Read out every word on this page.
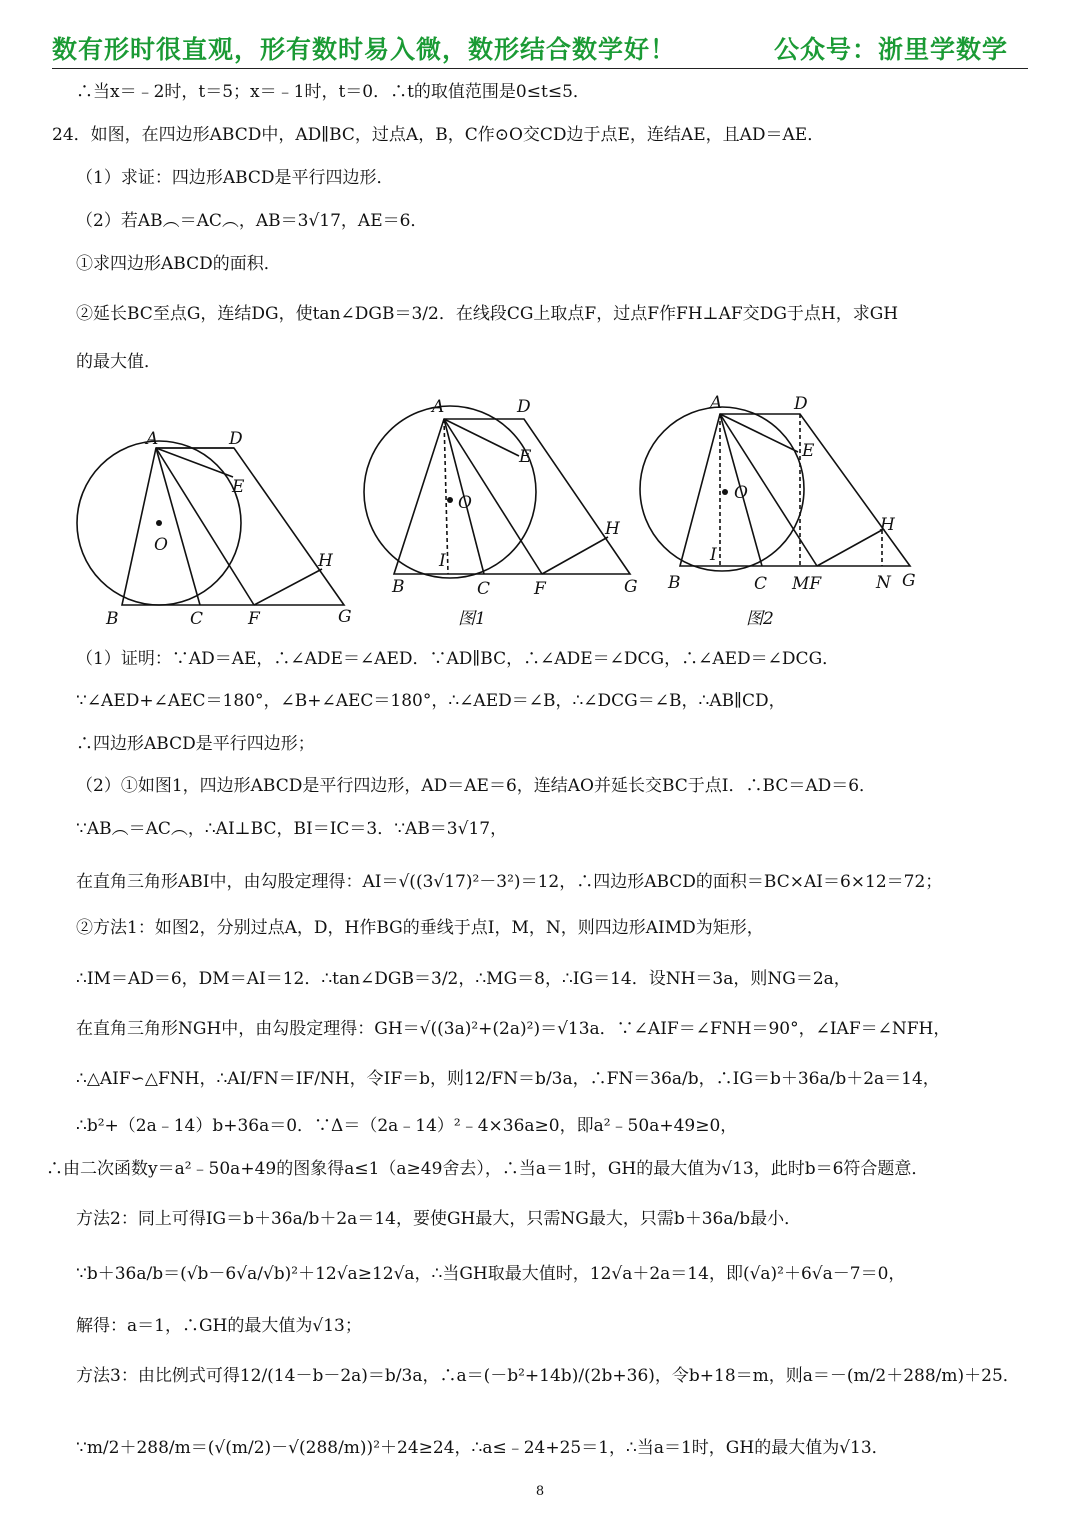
数有形时很直观，形有数时易入微，数形结合数学好！	公众号：浙里学数学
∴当x＝﹣2时，t＝5；x＝﹣1时，t＝0．∴t的取值范围是0≤t≤5．
24．如图，在四边形ABCD中，AD∥BC，过点A，B，C作⊙O交CD边于点E，连结AE，且AD＝AE．
（1）求证：四边形ABCD是平行四边形．
（2）若AB︵＝AC︵，AB＝3√17，AE＝6．
①求四边形ABCD的面积．
②延长BC至点G，连结DG，使tan∠DGB＝3/2．在线段CG上取点F，过点F作FH⊥AF交DG于点H，求GH
的最大值．
A	D
E
O
H
B	C	F	G
A	D
E
O
H
I
B	C	F	G
图1
A	D
E
O
H
I
B	C MF	N G
图2
（1）证明：∵AD＝AE，∴∠ADE＝∠AED．∵AD∥BC，∴∠ADE＝∠DCG，∴∠AED＝∠DCG．
∵∠AED+∠AEC＝180°，∠B+∠AEC＝180°，∴∠AED＝∠B，∴∠DCG＝∠B，∴AB∥CD，
∴四边形ABCD是平行四边形；
（2）①如图1，四边形ABCD是平行四边形，AD＝AE＝6，连结AO并延长交BC于点I．∴BC＝AD＝6．
∵AB︵＝AC︵，∴AI⊥BC，BI＝IC＝3．∵AB＝3√17，
在直角三角形ABI中，由勾股定理得：AI＝√((3√17)²－3²)＝12，∴四边形ABCD的面积＝BC×AI＝6×12＝72；
②方法1：如图2，分别过点A，D，H作BG的垂线于点I，M，N，则四边形AIMD为矩形，
∴IM＝AD＝6，DM＝AI＝12．∴tan∠DGB＝3/2，∴MG＝8，∴IG＝14．设NH＝3a，则NG＝2a，
在直角三角形NGH中，由勾股定理得：GH＝√((3a)²+(2a)²)＝√13a．∵∠AIF＝∠FNH＝90°，∠IAF＝∠NFH，
∴△AIF∽△FNH，∴AI/FN＝IF/NH，令IF＝b，则12/FN＝b/3a，∴FN＝36a/b，∴IG＝b＋36a/b＋2a＝14，
∴b²+（2a﹣14）b+36a＝0．∵Δ＝（2a﹣14）²﹣4×36a≥0，即a²﹣50a+49≥0，
∴由二次函数y＝a²﹣50a+49的图象得a≤1（a≥49舍去），∴当a＝1时，GH的最大值为√13，此时b＝6符合题意．
方法2：同上可得IG＝b＋36a/b＋2a＝14，要使GH最大，只需NG最大，只需b＋36a/b最小．
∵b＋36a/b＝(√b－6√a/√b)²＋12√a≥12√a，∴当GH取最大值时，12√a＋2a＝14，即(√a)²＋6√a－7＝0，
解得：a＝1，∴GH的最大值为√13；
方法3：由比例式可得12/(14－b－2a)＝b/3a，∴a＝(－b²+14b)/(2b+36)，令b+18＝m，则a＝－(m/2＋288/m)＋25．
∵m/2＋288/m＝(√(m/2)－√(288/m))²＋24≥24，∴a≤﹣24+25＝1，∴当a＝1时，GH的最大值为√13．
8
